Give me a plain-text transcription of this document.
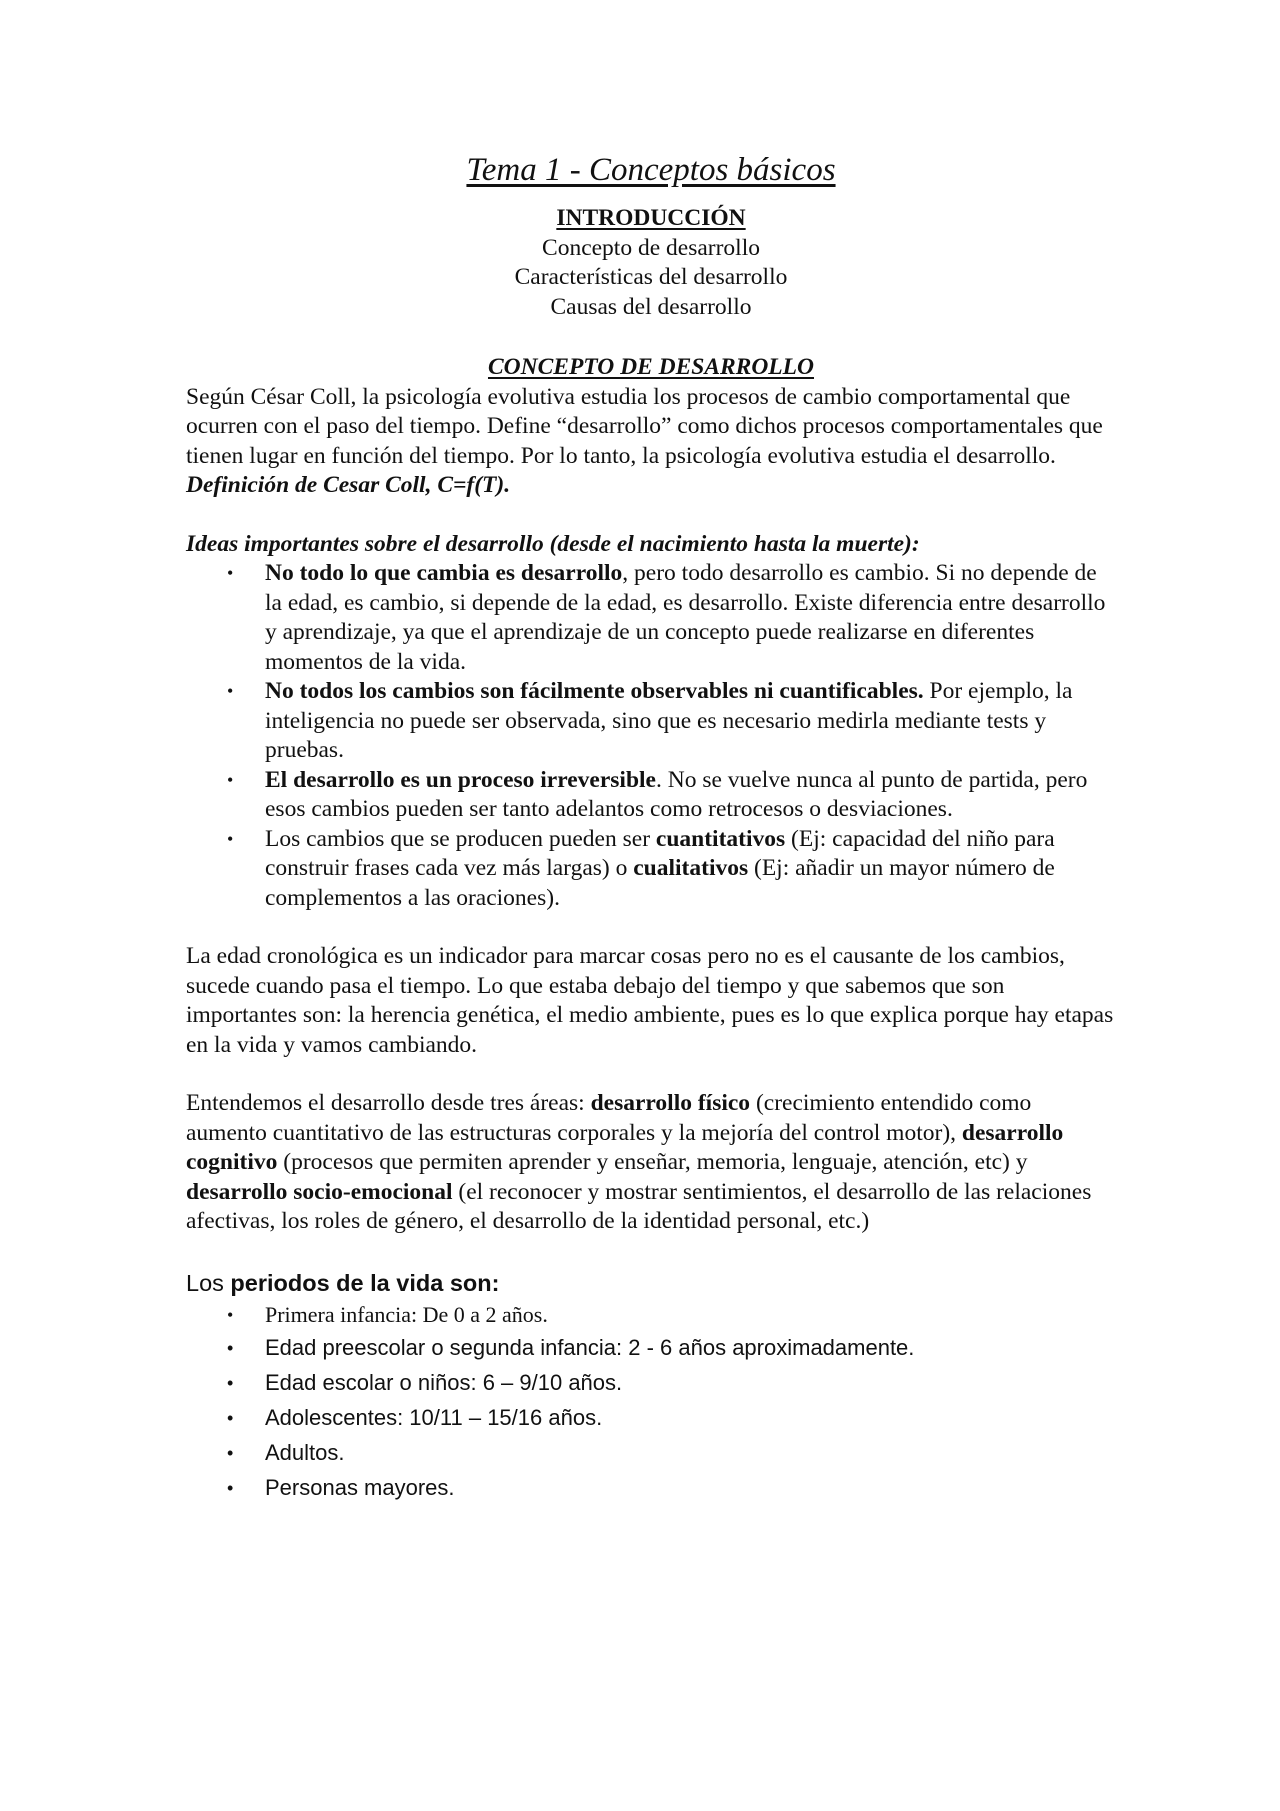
Tema 1 - Conceptos básicos
INTRODUCCIÓN
Concepto de desarrollo
Características del desarrollo
Causas del desarrollo
CONCEPTO DE DESARROLLO

Según César Coll, la psicología evolutiva estudia los procesos de cambio comportamental que ocurren con el paso del tiempo. Define “desarrollo” como dichos procesos comportamentales que tienen lugar en función del tiempo. Por lo tanto, la psicología evolutiva estudia el desarrollo. Definición de Cesar Coll, C=f(T).

Ideas importantes sobre el desarrollo (desde el nacimiento hasta la muerte):

• No todo lo que cambia es desarrollo, pero todo desarrollo es cambio. Si no depende de la edad, es cambio, si depende de la edad, es desarrollo. Existe diferencia entre desarrollo y aprendizaje, ya que el aprendizaje de un concepto puede realizarse en diferentes momentos de la vida.
• No todos los cambios son fácilmente observables ni cuantificables. Por ejemplo, la inteligencia no puede ser observada, sino que es necesario medirla mediante tests y pruebas.
• El desarrollo es un proceso irreversible. No se vuelve nunca al punto de partida, pero esos cambios pueden ser tanto adelantos como retrocesos o desviaciones.
• Los cambios que se producen pueden ser cuantitativos (Ej: capacidad del niño para construir frases cada vez más largas) o cualitativos (Ej: añadir un mayor número de complementos a las oraciones).

La edad cronológica es un indicador para marcar cosas pero no es el causante de los cambios, sucede cuando pasa el tiempo. Lo que estaba debajo del tiempo y que sabemos que son importantes son: la herencia genética, el medio ambiente, pues es lo que explica porque hay etapas en la vida y vamos cambiando.

Entendemos el desarrollo desde tres áreas: desarrollo físico (crecimiento entendido como aumento cuantitativo de las estructuras corporales y la mejoría del control motor), desarrollo cognitivo (procesos que permiten aprender y enseñar, memoria, lenguaje, atención, etc) y desarrollo socio-emocional (el reconocer y mostrar sentimientos, el desarrollo de las relaciones afectivas, los roles de género, el desarrollo de la identidad personal, etc.)

Los periodos de la vida son:
• Primera infancia: De 0 a 2 años.
• Edad preescolar o segunda infancia: 2 - 6 años aproximadamente.
• Edad escolar o niños: 6 – 9/10 años.
• Adolescentes: 10/11 – 15/16 años.
• Adultos.
• Personas mayores.
